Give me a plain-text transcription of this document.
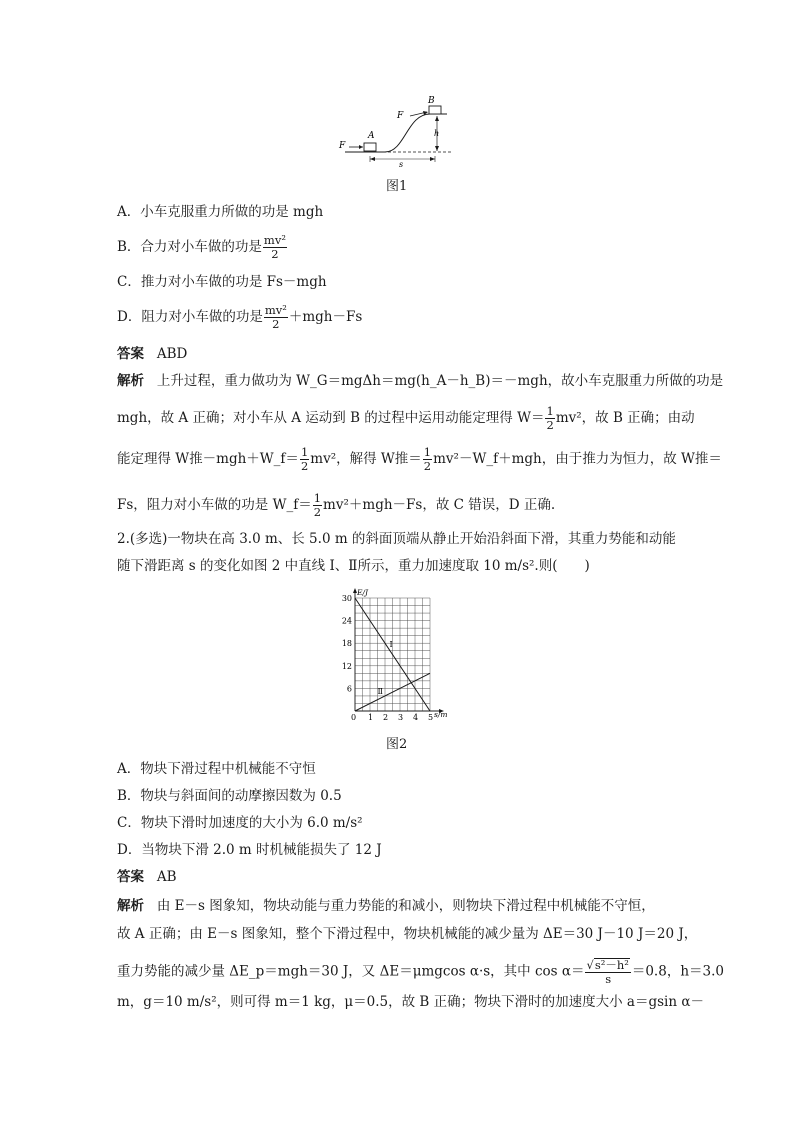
F
A
F
B
h
s
图1
A．小车克服重力所做的功是 mgh
B．合力对小车做的功是 $\frac{\text{mv²}}{2}$
C．推力对小车做的功是 Fs－mgh
D．阻力对小车做的功是 $\frac{\text{mv²}}{2} +mgh-Fs$
答案 ABD
解析 上升过程，重力做功为 W_G＝mgΔh＝mg(h_A－h_B)＝－mgh，故小车克服重力所做的功是
mgh，故 A 正确；对小车从 A 运动到 B 的过程中运用动能定理得 $W= \frac{1}{2} mv^2$，故 B 正确；由动
能定理得 W推－mgh＋W_f＝ $\frac{1}{2} mv^2$，解得 W推＝ $\frac{1}{2}$ mv²－W_f＋mgh，由于推力为恒力，故 W推＝
Fs，阻力对小车做的功是 W_f＝ $\frac{1}{2} mv^2+mgh-Fs$，故 C 错误，D 正确.
2.(多选)一物块在高 3.0 m、长 5.0 m 的斜面顶端从静止开始沿斜面下滑，其重力势能和动能
随下滑距离 s 的变化如图 2 中直线 Ⅰ、Ⅱ所示，重力加速度取 10 m/s².则(　　)
0 1 2 3 4 5
6
12
18
24
30
s/m
E/J
Ⅰ
Ⅱ
图2
A．物块下滑过程中机械能不守恒
B．物块与斜面间的动摩擦因数为 0.5
C．物块下滑时加速度的大小为 6.0 m/s²
D．当物块下滑 2.0 m 时机械能损失了 12 J
答案 AB
解析 由 E－s 图象知，物块动能与重力势能的和减小，则物块下滑过程中机械能不守恒，
故 A 正确；由 E－s 图象知，整个下滑过程中，物块机械能的减少量为 ΔE＝30 J－10 J＝20 J，
重力势能的减少量 ΔE_p＝mgh＝30 J，又 ΔE＝μmgcos α·s，其中 $\cos \alpha= \frac{\text{√s²－h²}}{s} =0.8$，h＝3.0
m，g＝10 m/s²，则可得 m＝1 kg，μ＝0.5，故 B 正确；物块下滑时的加速度大小 a＝gsin α－
